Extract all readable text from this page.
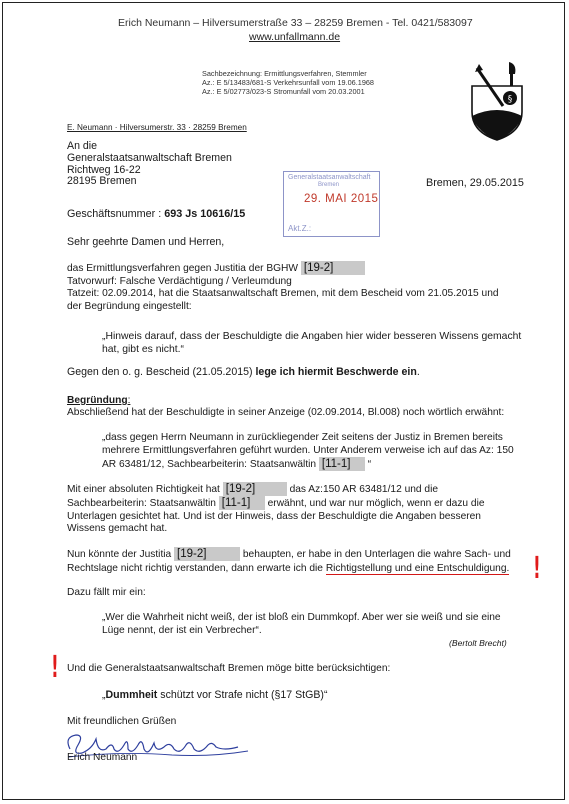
Erich Neumann – Hilversumerstraße 33 – 28259 Bremen - Tel. 0421/583097
www.unfallmann.de
Sachbezeichnung: Ermittlungsverfahren, Stemmler
Az.: E 5/13483/681-S Verkehrsunfall vom 19.06.1968
Az.: E 5/02773/023-S Stromunfall vom 20.03.2001
§
E. Neumann · Hilversumerstr. 33 · 28259 Bremen
An die
Generalstaatsanwaltschaft Bremen
Richtweg 16-22
28195 Bremen	Generalstaatsanwaltschaft
Bremen
29. MAI 2015
Akt.Z.:
Bremen, 29.05.2015
Geschäftsnummer : 693 Js 10616/15
Sehr geehrte Damen und Herren,
das Ermittlungsverfahren gegen Justitia der BGHW [19-2]
Tatvorwurf: Falsche Verdächtigung / Verleumdung
Tatzeit: 02.09.2014, hat die Staatsanwaltschaft Bremen, mit dem Bescheid vom 21.05.2015 und
der Begründung eingestellt:
„Hinweis darauf, dass der Beschuldigte die Angaben hier wider besseren Wissens gemacht
hat, gibt es nicht.“
Gegen den o. g. Bescheid (21.05.2015) lege ich hiermit Beschwerde ein.
Begründung:
Abschließend hat der Beschuldigte in seiner Anzeige (02.09.2014, Bl.008) noch wörtlich erwähnt:
„dass gegen Herrn Neumann in zurückliegender Zeit seitens der Justiz in Bremen bereits
mehrere Ermittlungsverfahren geführt wurden. Unter Anderem verweise ich auf das Az: 150
AR 63481/12, Sachbearbeiterin: Staatsanwältin [11-1] “
Mit einer absoluten Richtigkeit hat [19-2]	das Az:150 AR 63481/12 und die
Sachbearbeiterin: Staatsanwältin [11-1] erwähnt, und war nur möglich, wenn er dazu die
Unterlagen gesichtet hat. Und ist der Hinweis, dass der Beschuldigte die Angaben besseren
Wissens gemacht hat.
Nun könnte der Justitia [19-2]	behaupten, er habe in den Unterlagen die wahre Sach- und
Rechtslage nicht richtig verstanden, dann erwarte ich die Richtigstellung und eine Entschuldigung. !
Dazu fällt mir ein:
„Wer die Wahrheit nicht weiß, der ist bloß ein Dummkopf. Aber wer sie weiß und sie eine
Lüge nennt, der ist ein Verbrecher“.
(Bertolt Brecht)
! Und die Generalstaatsanwaltschaft Bremen möge bitte berücksichtigen:
„Dummheit schützt vor Strafe nicht (§17 StGB)“
Mit freundlichen Grüßen
Erich Neumann
